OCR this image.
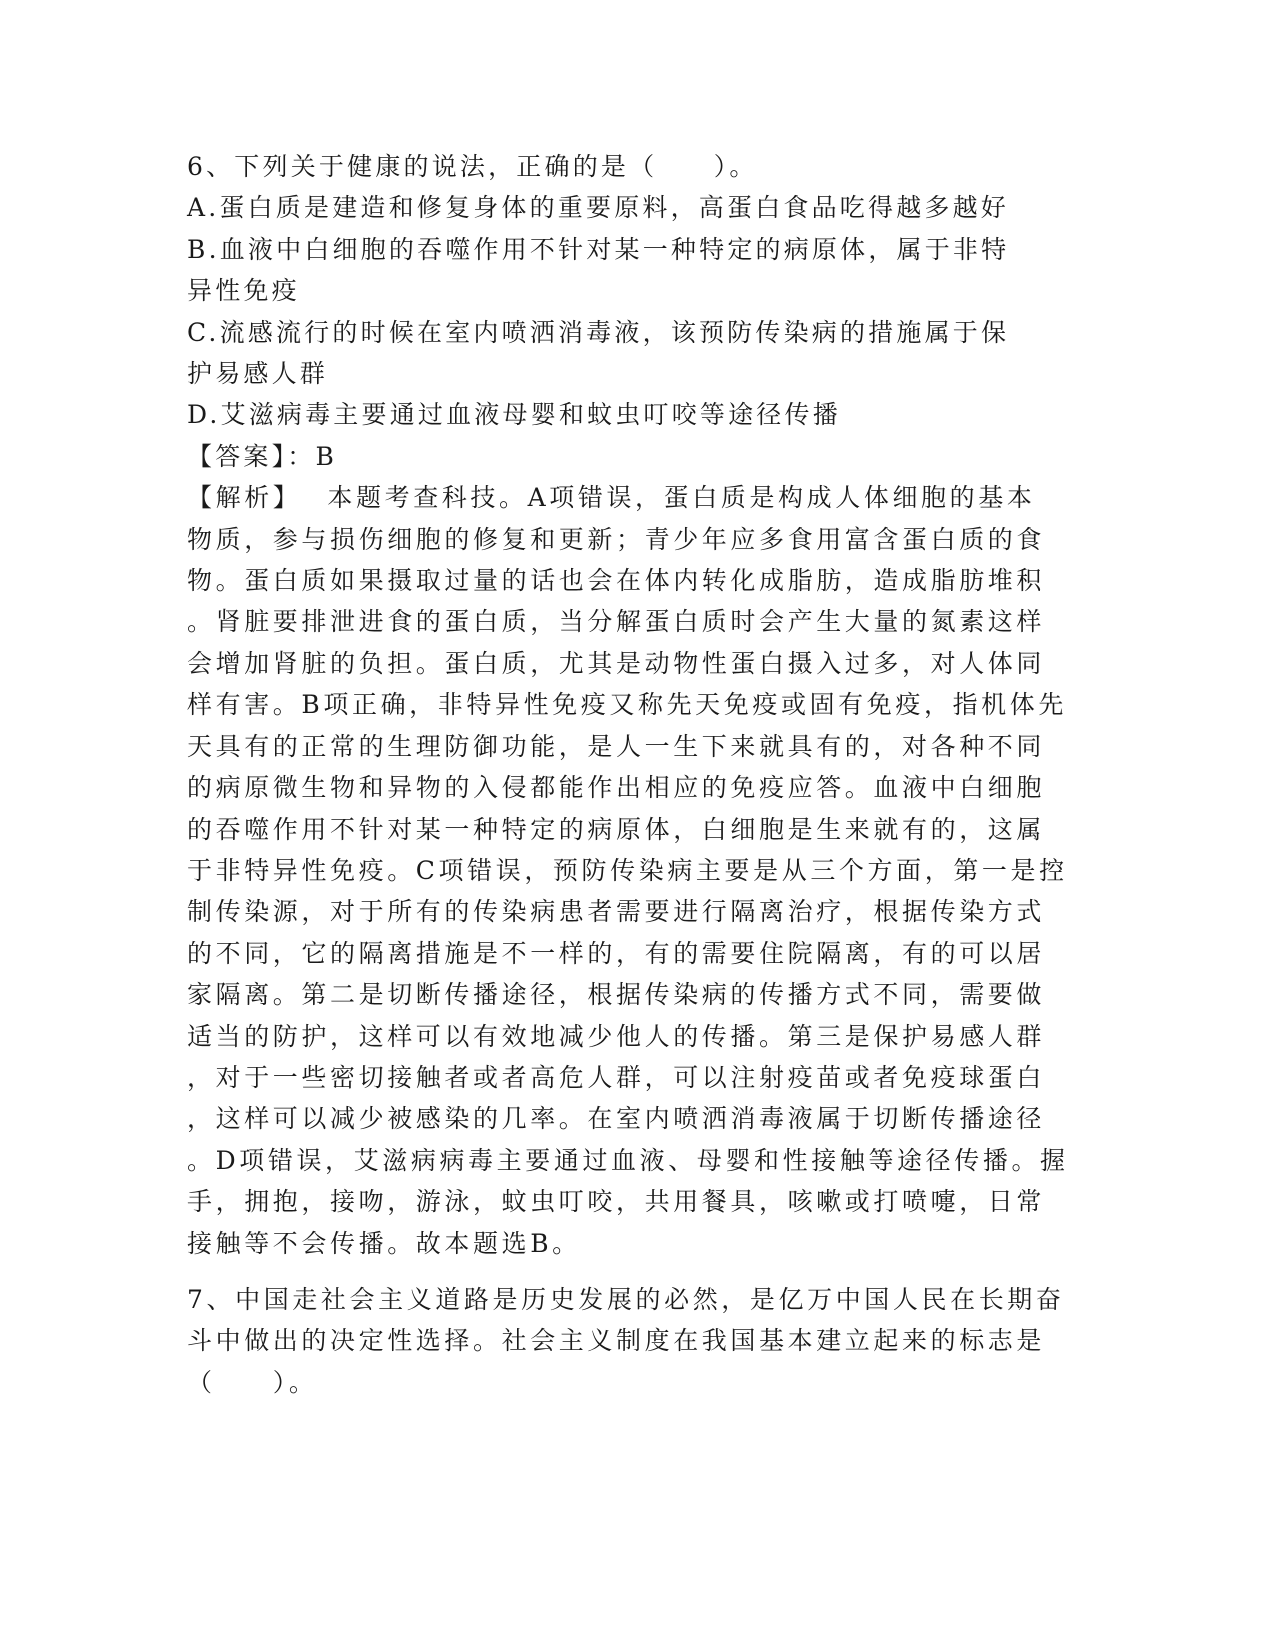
6、下列关于健康的说法，正确的是（　　）。

A.蛋白质是建造和修复身体的重要原料，高蛋白食品吃得越多越好

B.血液中白细胞的吞噬作用不针对某一种特定的病原体，属于非特异性免疫

C.流感流行的时候在室内喷洒消毒液，该预防传染病的措施属于保护易感人群

D.艾滋病毒主要通过血液母婴和蚊虫叮咬等途径传播

【答案】：B

【解析】 本题考查科技。A项错误，蛋白质是构成人体细胞的基本

物质，参与损伤细胞的修复和更新；青少年应多食用富含蛋白质的食

物。蛋白质如果摄取过量的话也会在体内转化成脂肪，造成脂肪堆积

。肾脏要排泄进食的蛋白质，当分解蛋白质时会产生大量的氮素这样

会增加肾脏的负担。蛋白质，尤其是动物性蛋白摄入过多，对人体同

样有害。B项正确，非特异性免疫又称先天免疫或固有免疫，指机体先

天具有的正常的生理防御功能，是人一生下来就具有的，对各种不同

的病原微生物和异物的入侵都能作出相应的免疫应答。血液中白细胞

的吞噬作用不针对某一种特定的病原体，白细胞是生来就有的，这属

于非特异性免疫。C项错误，预防传染病主要是从三个方面，第一是控

制传染源，对于所有的传染病患者需要进行隔离治疗，根据传染方式

的不同，它的隔离措施是不一样的，有的需要住院隔离，有的可以居

家隔离。第二是切断传播途径，根据传染病的传播方式不同，需要做

适当的防护，这样可以有效地减少他人的传播。第三是保护易感人群

，对于一些密切接触者或者高危人群，可以注射疫苗或者免疫球蛋白

，这样可以减少被感染的几率。在室内喷洒消毒液属于切断传播途径

。D项错误，艾滋病病毒主要通过血液、母婴和性接触等途径传播。握

手，拥抱，接吻，游泳，蚊虫叮咬，共用餐具，咳嗽或打喷嚏，日常

接触等不会传播。故本题选B。

7、中国走社会主义道路是历史发展的必然，是亿万中国人民在长期奋

斗中做出的决定性选择。社会主义制度在我国基本建立起来的标志是

（　　）。
